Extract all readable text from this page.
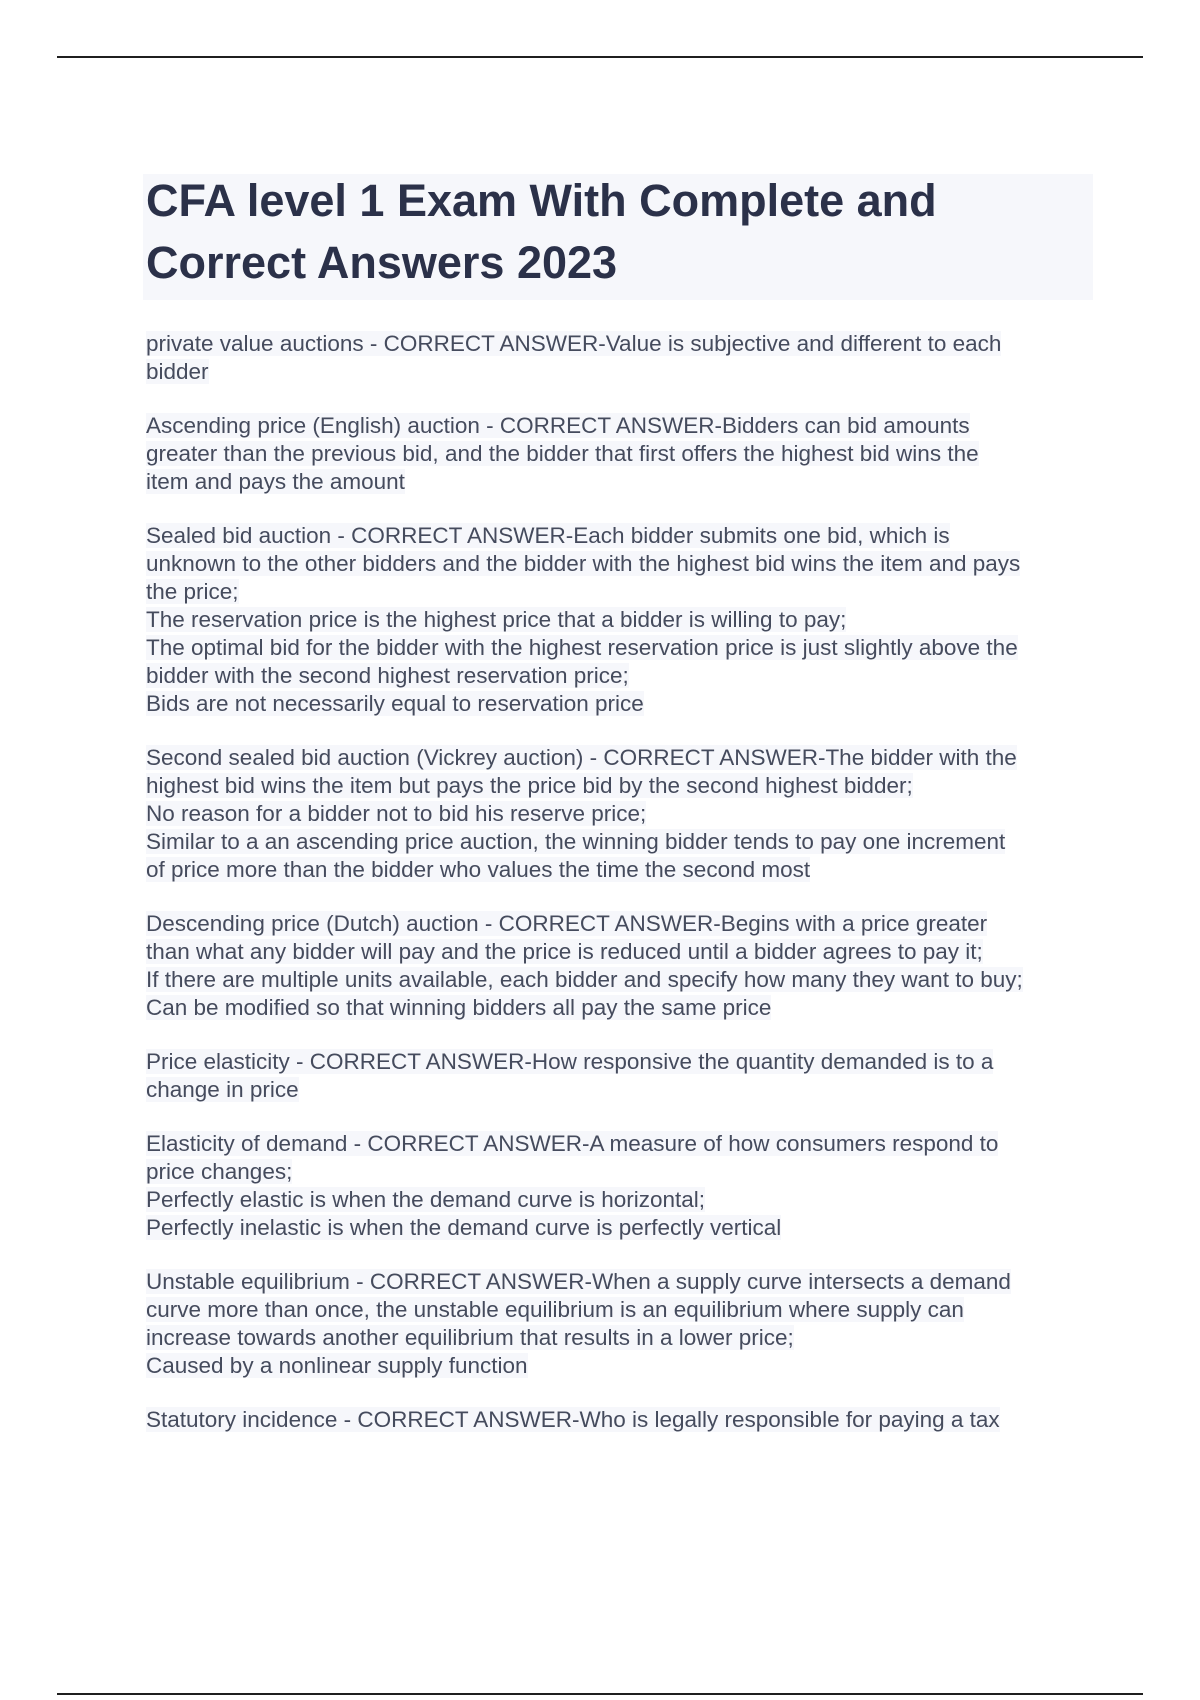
CFA level 1 Exam With Complete and
Correct Answers 2023
private value auctions - CORRECT ANSWER-Value is subjective and different to each
bidder
Ascending price (English) auction - CORRECT ANSWER-Bidders can bid amounts
greater than the previous bid, and the bidder that first offers the highest bid wins the
item and pays the amount
Sealed bid auction - CORRECT ANSWER-Each bidder submits one bid, which is
unknown to the other bidders and the bidder with the highest bid wins the item and pays
the price;
The reservation price is the highest price that a bidder is willing to pay;
The optimal bid for the bidder with the highest reservation price is just slightly above the
bidder with the second highest reservation price;
Bids are not necessarily equal to reservation price
Second sealed bid auction (Vickrey auction) - CORRECT ANSWER-The bidder with the
highest bid wins the item but pays the price bid by the second highest bidder;
No reason for a bidder not to bid his reserve price;
Similar to a an ascending price auction, the winning bidder tends to pay one increment
of price more than the bidder who values the time the second most
Descending price (Dutch) auction - CORRECT ANSWER-Begins with a price greater
than what any bidder will pay and the price is reduced until a bidder agrees to pay it;
If there are multiple units available, each bidder and specify how many they want to buy;
Can be modified so that winning bidders all pay the same price
Price elasticity - CORRECT ANSWER-How responsive the quantity demanded is to a
change in price
Elasticity of demand - CORRECT ANSWER-A measure of how consumers respond to
price changes;
Perfectly elastic is when the demand curve is horizontal;
Perfectly inelastic is when the demand curve is perfectly vertical
Unstable equilibrium - CORRECT ANSWER-When a supply curve intersects a demand
curve more than once, the unstable equilibrium is an equilibrium where supply can
increase towards another equilibrium that results in a lower price;
Caused by a nonlinear supply function
Statutory incidence - CORRECT ANSWER-Who is legally responsible for paying a tax
